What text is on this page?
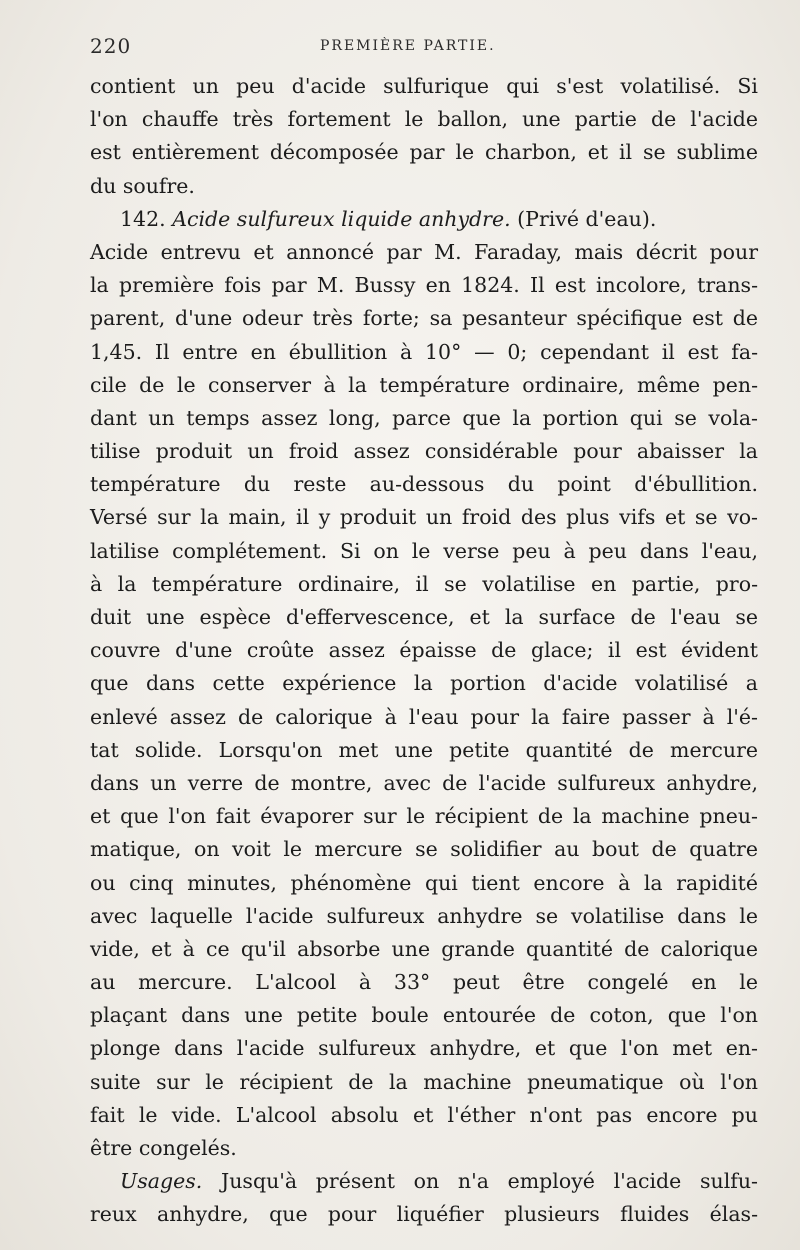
220	PREMIÈRE PARTIE.
contient un peu d'acide sulfurique qui s'est volatilisé. Si
l'on chauffe très fortement le ballon, une partie de l'acide
est entièrement décomposée par le charbon, et il se sublime
du soufre.
142. Acide sulfureux liquide anhydre. (Privé d'eau).
Acide entrevu et annoncé par M. Faraday, mais décrit pour
la première fois par M. Bussy en 1824. Il est incolore, trans-
parent, d'une odeur très forte; sa pesanteur spécifique est de
1,45. Il entre en ébullition à 10° — 0; cependant il est fa-
cile de le conserver à la température ordinaire, même pen-
dant un temps assez long, parce que la portion qui se vola-
tilise produit un froid assez considérable pour abaisser la
température du reste au-dessous du point d'ébullition.
Versé sur la main, il y produit un froid des plus vifs et se vo-
latilise complétement. Si on le verse peu à peu dans l'eau,
à la température ordinaire, il se volatilise en partie, pro-
duit une espèce d'effervescence, et la surface de l'eau se
couvre d'une croûte assez épaisse de glace; il est évident
que dans cette expérience la portion d'acide volatilisé a
enlevé assez de calorique à l'eau pour la faire passer à l'é-
tat solide. Lorsqu'on met une petite quantité de mercure
dans un verre de montre, avec de l'acide sulfureux anhydre,
et que l'on fait évaporer sur le récipient de la machine pneu-
matique, on voit le mercure se solidifier au bout de quatre
ou cinq minutes, phénomène qui tient encore à la rapidité
avec laquelle l'acide sulfureux anhydre se volatilise dans le
vide, et à ce qu'il absorbe une grande quantité de calorique
au mercure. L'alcool à 33° peut être congelé en le
plaçant dans une petite boule entourée de coton, que l'on
plonge dans l'acide sulfureux anhydre, et que l'on met en-
suite sur le récipient de la machine pneumatique où l'on
fait le vide. L'alcool absolu et l'éther n'ont pas encore pu
être congelés.
Usages. Jusqu'à présent on n'a employé l'acide sulfu-
reux anhydre, que pour liquéfier plusieurs fluides élas-
